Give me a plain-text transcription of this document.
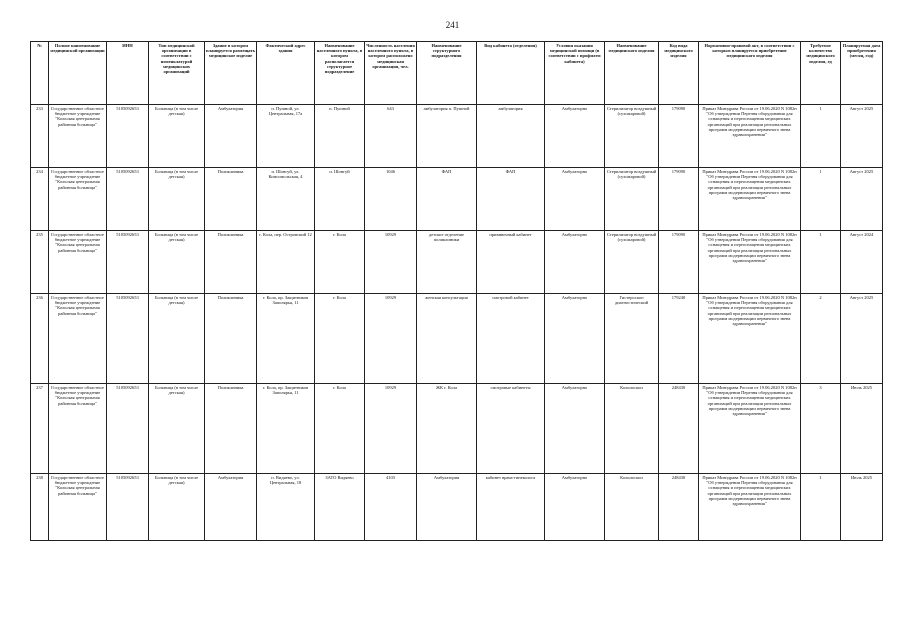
241
№	Полное наименование медицинской организации	ИНН	Тип медицинской организации в соответствии с номенклатурой медицинских организаций	Здание в котором планируется размещать медицинское изделие	Фактический адрес здания	Наименование населенного пункта, в котором располагается структурное подразделение	Численность населения населенного пункта, в котором расположено медицинская организация, чел.	Наименование структурного подразделения	Вид кабинета (отделения)	Условия оказания медицинской помощи (в соответствии с профилем кабинета)	Наименование медицинского изделия	Код вида медицинского изделия	Нормативно-правовой акт, в соответствии с которым планируется приобретение медицинского изделия	Требуемое количество медицинского изделия, ед	Планируемая дата приобретения (месяц, год)
233	Государственное областное бюджетное учреждение "Кольская центральная районная больница"	5105092653	Больница (в том числе детская)	Амбулатория	п. Пушной, ул. Центральная, 17а	п. Пушной	643	амбулатория п. Пушной	амбулатория	Амбулаторно	Стерилизатор воздушный (сухожаровой)	179090	Приказ Минздрава России от 19.06.2020 N 1082н "Об утверждении Перечня оборудования для оснащения и переоснащения медицинских организаций при реализации региональных программ модернизации первичного звена здравоохранения"	1	Август 2025
234	Государственное областное бюджетное учреждение "Кольская центральная районная больница"	5105092653	Больница (в том числе детская)	Поликлиника	п. Шонгуй, ул. Комсомольская, 4	п. Шонгуй	1046	ФАП	ФАП	Амбулаторно	Стерилизатор воздушный (сухожаровой)	179090	Приказ Минздрава России от 19.06.2020 N 1082н "Об утверждении Перечня оборудования для оснащения и переоснащения медицинских организаций при реализации региональных программ модернизации первичного звена здравоохранения"	1	Август 2025
235	Государственное областное бюджетное учреждение "Кольская центральная районная больница"	5105092653	Больница (в том числе детская)	Поликлиника	г. Кола, пер. Островский 12	г. Кола	10929	детское отделение поликлиники	прививочный кабинет	Амбулаторно	Стерилизатор воздушный (сухожаровой)	179090	Приказ Минздрава России от 19.06.2020 N 1082н "Об утверждении Перечня оборудования для оснащения и переоснащения медицинских организаций при реализации региональных программ модернизации первичного звена здравоохранения"	1	Август 2024
236	Государственное областное бюджетное учреждение "Кольская центральная районная больница"	5105092653	Больница (в том числе детская)	Поликлиника	г. Кола, пр. Защитников Заполярья, 11	г. Кола	10929	женская консультация	смотровой кабинет	Амбулаторно	Гистероскоп диагностический	179240	Приказ Минздрава России от 19.06.2020 N 1082н "Об утверждении Перечня оборудования для оснащения и переоснащения медицинских организаций при реализации региональных программ модернизации первичного звена здравоохранения"	2	Август 2025
237	Государственное областное бюджетное учреждение "Кольская центральная районная больница"	5105092653	Больница (в том числе детская)	Поликлиника	г. Кола, пр. Защитников Заполярья, 11	г. Кола	10929	ЖК г. Кола	смотровые кабинеты	Амбулаторно	Кольпоскоп	248430	Приказ Минздрава России от 19.06.2020 N 1082н "Об утверждении Перечня оборудования для оснащения и переоснащения медицинских организаций при реализации региональных программ модернизации первичного звена здравоохранения"	3	Июль 2025
238	Государственное областное бюджетное учреждение "Кольская центральная районная больница"	5105092653	Больница (в том числе детская)	Амбулатория	п. Видяево, ул. Центральная, 18	ЗАТО Видяево	4103	Амбулатория	кабинет врача-гинеколога	Амбулаторно	Кольпоскоп	248430	Приказ Минздрава России от 19.06.2020 N 1082н "Об утверждении Перечня оборудования для оснащения и переоснащения медицинских организаций при реализации региональных программ модернизации первичного звена здравоохранения"	1	Июль 2025
